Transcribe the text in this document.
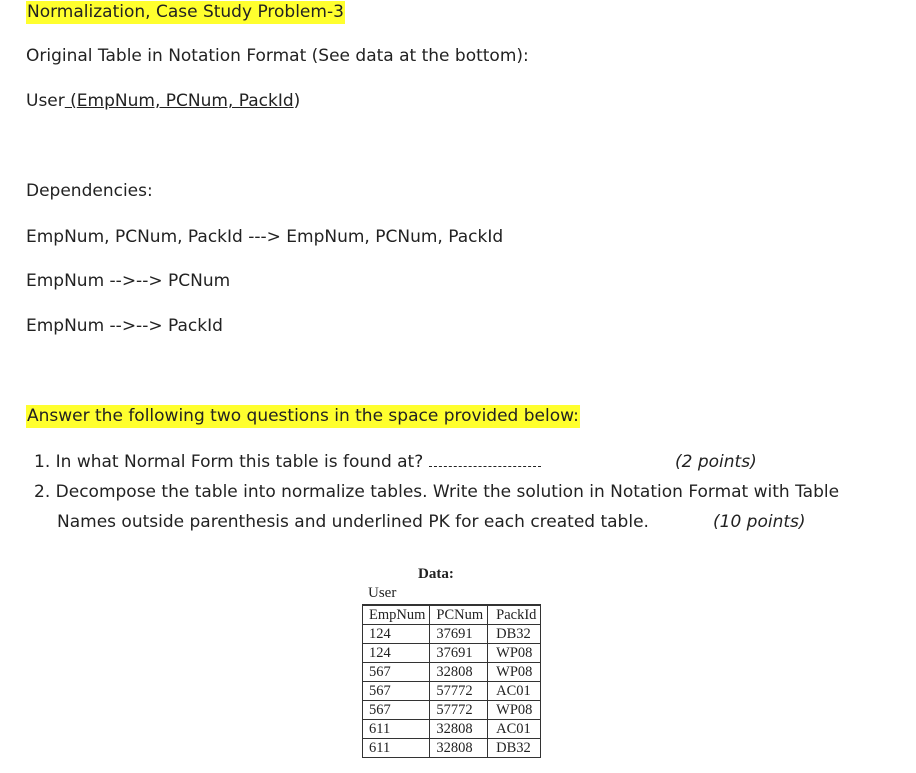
Normalization, Case Study Problem-3
Original Table in Notation Format (See data at the bottom):
User (EmpNum, PCNum, PackId)
Dependencies:
EmpNum, PCNum, PackId ---> EmpNum, PCNum, PackId
EmpNum -->--> PCNum
EmpNum -->--> PackId
Answer the following two questions in the space provided below:
1. In what Normal Form this table is found at?	(2 points)
2. Decompose the table into normalize tables. Write the solution in Notation Format with Table
Names outside parenthesis and underlined PK for each created table.	(10 points)
Data:
User
EmpNum	PCNum	PackId
124	37691	DB32
124	37691	WP08
567	32808	WP08
567	57772	AC01
567	57772	WP08
611	32808	AC01
611	32808	DB32
